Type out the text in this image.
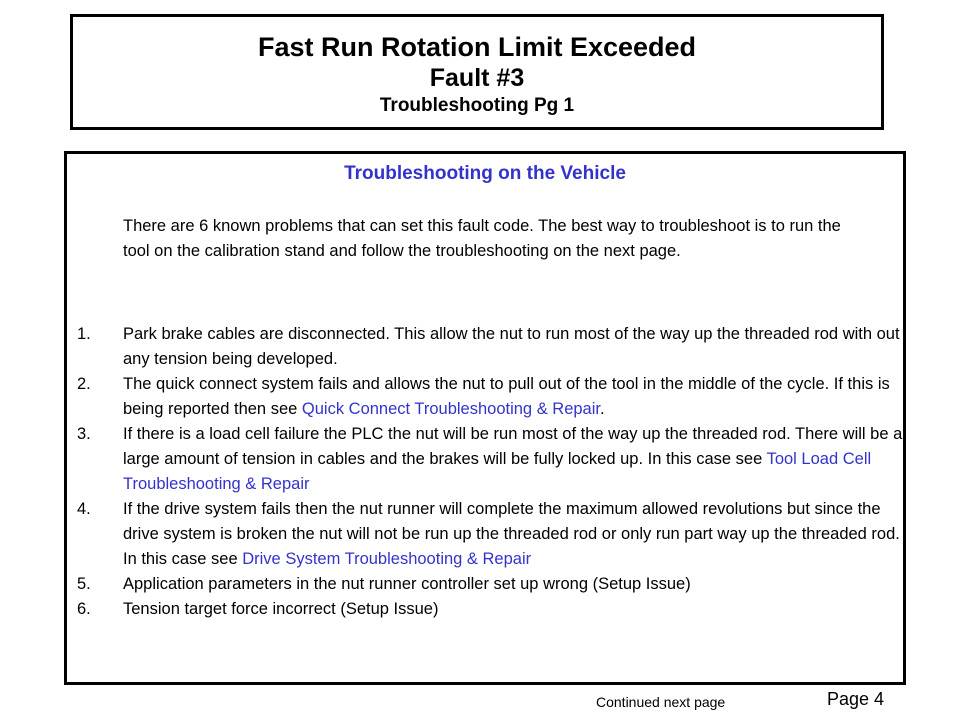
Fast Run Rotation Limit Exceeded
Fault #3
Troubleshooting Pg 1
Troubleshooting on the Vehicle
There are 6 known problems that can set this fault code. The best way to troubleshoot is to run the tool on the calibration stand and follow the troubleshooting on the next page.
1.	Park brake cables are disconnected. This allow the nut to run most of the way up the threaded rod with out any tension being developed.
2.	The quick connect system fails and allows the nut to pull out of the tool in the middle of the cycle. If this is being reported then see Quick Connect Troubleshooting & Repair.
3.	If there is a load cell failure the PLC the nut will be run most of the way up the threaded rod. There will be a large amount of tension in cables and the brakes will be fully locked up. In this case see Tool Load Cell Troubleshooting & Repair
4.	If the drive system fails then the nut runner will complete the maximum allowed revolutions but since the drive system is broken the nut will not be run up the threaded rod or only run part way up the threaded rod. In this case see Drive System Troubleshooting & Repair
5.	Application parameters in the nut runner controller set up wrong (Setup Issue)
6.	Tension target force incorrect (Setup Issue)
Continued next page	Page 4
